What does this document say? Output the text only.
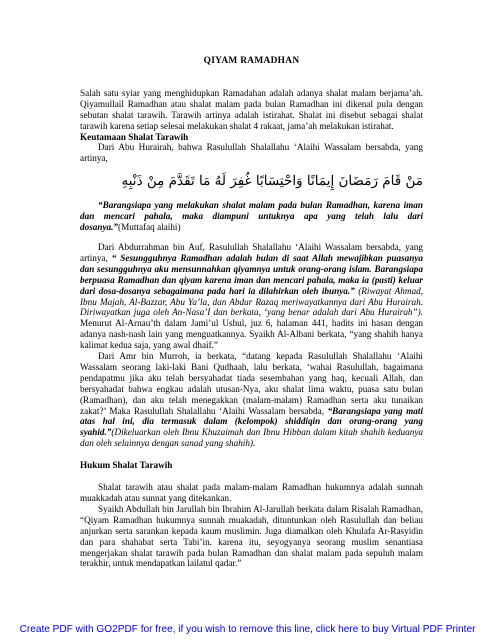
QIYAM RAMADHAN

Salah satu syiar yang menghidupkan Ramadahan adalah adanya shalat malam berjama’ah. Qiyamullail Ramadhan atau shalat malam pada bulan Ramadhan ini dikenal pula dengan sebutan shalat tarawih. Tarawih artinya adalah istirahat. Shalat ini disebut sebagai shalat tarawih karena setiap selesai melakukan shalat 4 rakaat, jama’ah melakukan istirahat.

Keutamaan Shalat Tarawih

Dari Abu Hurairah, bahwa Rasulullah Shalallahu ‘Alaihi Wassalam bersabda, yang artinya,

مَنْ قَامَ رَمَضَانَ إِيمَانًا وَاحْتِسَابًا غُفِرَ لَهُ مَا تَقَدَّمَ مِنْ ذَنْبِهِ

“Barangsiapa yang melakukan shalat malam pada bulan Ramadhan, karena iman dan mencari pahala, maka diampuni untuknya apa yang telah lalu dari dosanya.”(Muttafaq alaihi)

Dari Abdurrahman bin Auf, Rasulullah Shalallahu ‘Alaihi Wassalam bersabda, yang artinya, “ Sesungguhnya Ramadhan adalah bulan di saat Allah mewajibkan puasanya dan sesungguhnya aku mensunnahkan qiyamnya untuk orang-orang islam. Barangsiapa berpuasa Ramadhan dan qiyam karena iman dan mencari pahala, maka ia (pasti) keluar dari dosa-dosanya sebagaimana pada hari ia dilahirkan oleh ibunya.” (Riwayat Ahmad, Ibnu Majah, Al-Bazzar, Abu Ya’la, dan Abdur Razaq meriwayatkannya dari Abu Hurairah. Diriwayatkan juga oleh An-Nasa’I dan berkata, ‘yang benar adalah dari Abu Hurairah”). Menurut Al-Arnau’th dalam Jami’ul Ushul, juz 6, halaman 441, hadits ini hasan dengan adanya nash-nash lain yang menguatkannya. Syaikh Al-Albani berkata, “yang shahih hanya kalimat kedua saja, yang awal dhaif.”

Dari Amr bin Murroh, ia berkata, “datang kepada Rasulullah Shalallahu ‘Alaihi Wassalam seorang laki-laki Bani Qudhaah, lalu berkata, ‘wahai Rasulullah, bagaimana pendapatmu jika aku telah bersyahadat tiada sesembahan yang haq, kecuali Allah, dan bersyahadat bahwa engkau adalah utusan-Nya, aku shalat lima waktu, puasa satu bulan (Ramadhan), dan aku telah menegakkan (malam-malam) Ramadhan serta aku tunaikan zakat?’ Maka Rasulullah Shalallahu ‘Alaihi Wassalam bersabda, “Barangsiapa yang mati atas hal ini, dia termasuk dalam (kelompok) shiddiqin dan orang-orang yang syahid.”(Dikeluarkan oleh Ibnu Khuzaimah dan Ibnu Hibban dalam kitab shahih keduanya dan oleh selainnya dengan sanad yang shahih).

Hukum Shalat Tarawih

Shalat tarawih atau shalat pada malam-malam Ramadhan hukumnya adalah sunnah muakkadah atau sunnat yang ditekankan.

Syaikh Abdullah bin Jarullah bin Ibrahim Al-Jarullah berkata dalam Risalah Ramadhan, “Qiyam Ramadhan hukumnya sunnah muakadah, dituntunkan oleh Rasulullah dan beliau anjurkan serta sarankan kepada kaum muslimin. Juga diamalkan oleh Khulafa Ar-Rasyidin dan para shahabat serta Tabi’in. karena itu, seyogyanya seorang muslim senantiasa mengerjakan shalat tarawih pada bulan Ramadhan dan shalat malam pada sepuluh malam terakhir, untuk mendapatkan lailatul qadar.”

Create PDF with GO2PDF for free, if you wish to remove this line, click here to buy Virtual PDF Printer
